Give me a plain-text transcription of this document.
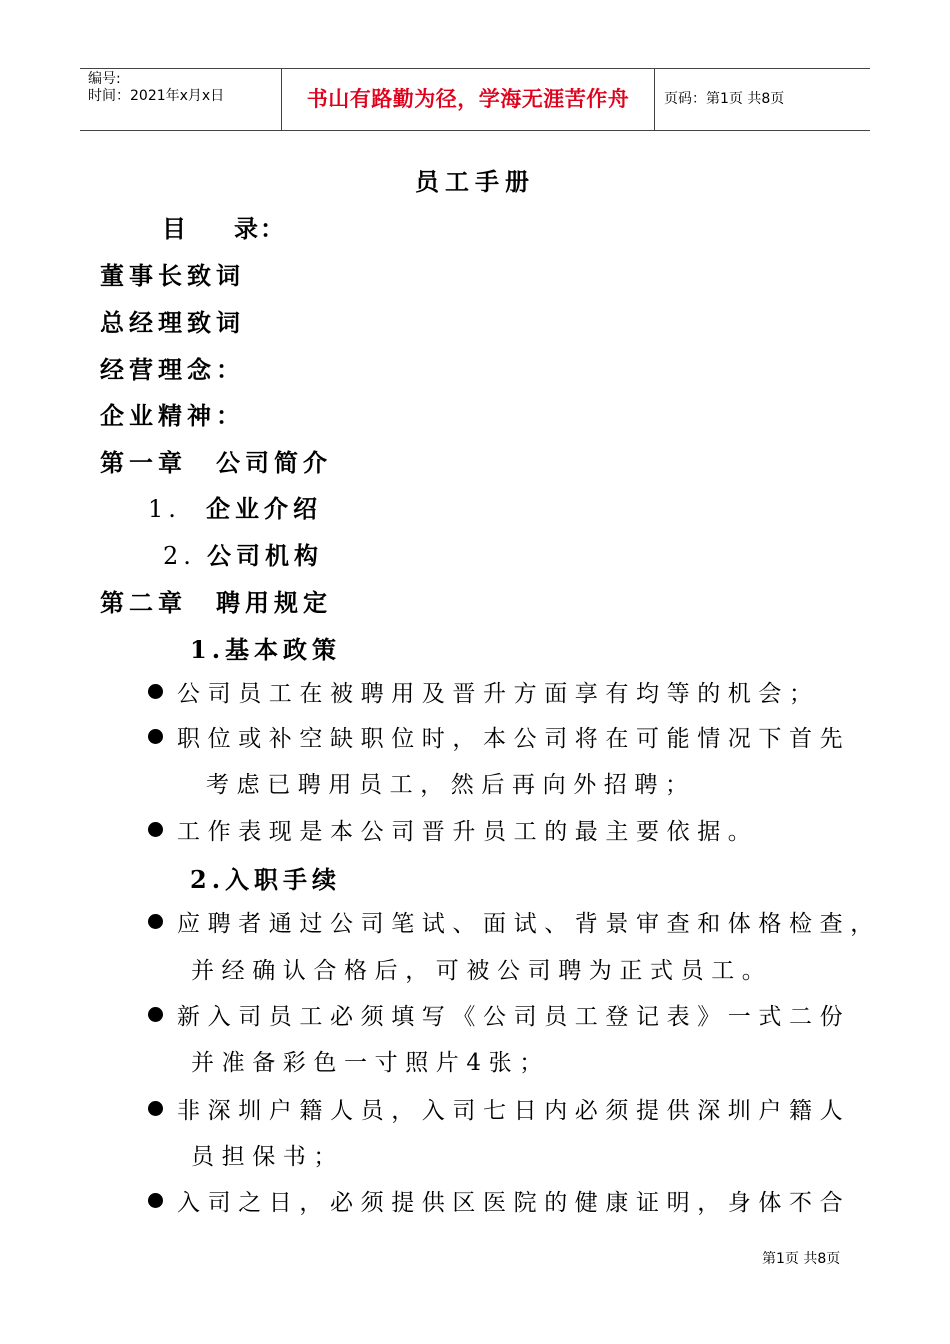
编号:
时间：2021年x月x日	书山有路勤为径，学海无涯苦作舟	页码：第1页 共8页
员工手册
目 录：
董事长致词
总经理致词
经营理念：
企业精神：
第一章　公司简介
1. 企业介绍
2. 公司机构
第二章　聘用规定
1.基本政策
公司员工在被聘用及晋升方面享有均等的机会；
职位或补空缺职位时，本公司将在可能情况下首先
考虑已聘用员工，然后再向外招聘；
工作表现是本公司晋升员工的最主要依据。
2.入职手续
应聘者通过公司笔试、面试、背景审查和体格检查，
并经确认合格后，可被公司聘为正式员工。
新入司员工必须填写《公司员工登记表》一式二份
并准备彩色一寸照片4张；
非深圳户籍人员，入司七日内必须提供深圳户籍人
员担保书；
入司之日，必须提供区医院的健康证明，身体不合
第1页 共8页
